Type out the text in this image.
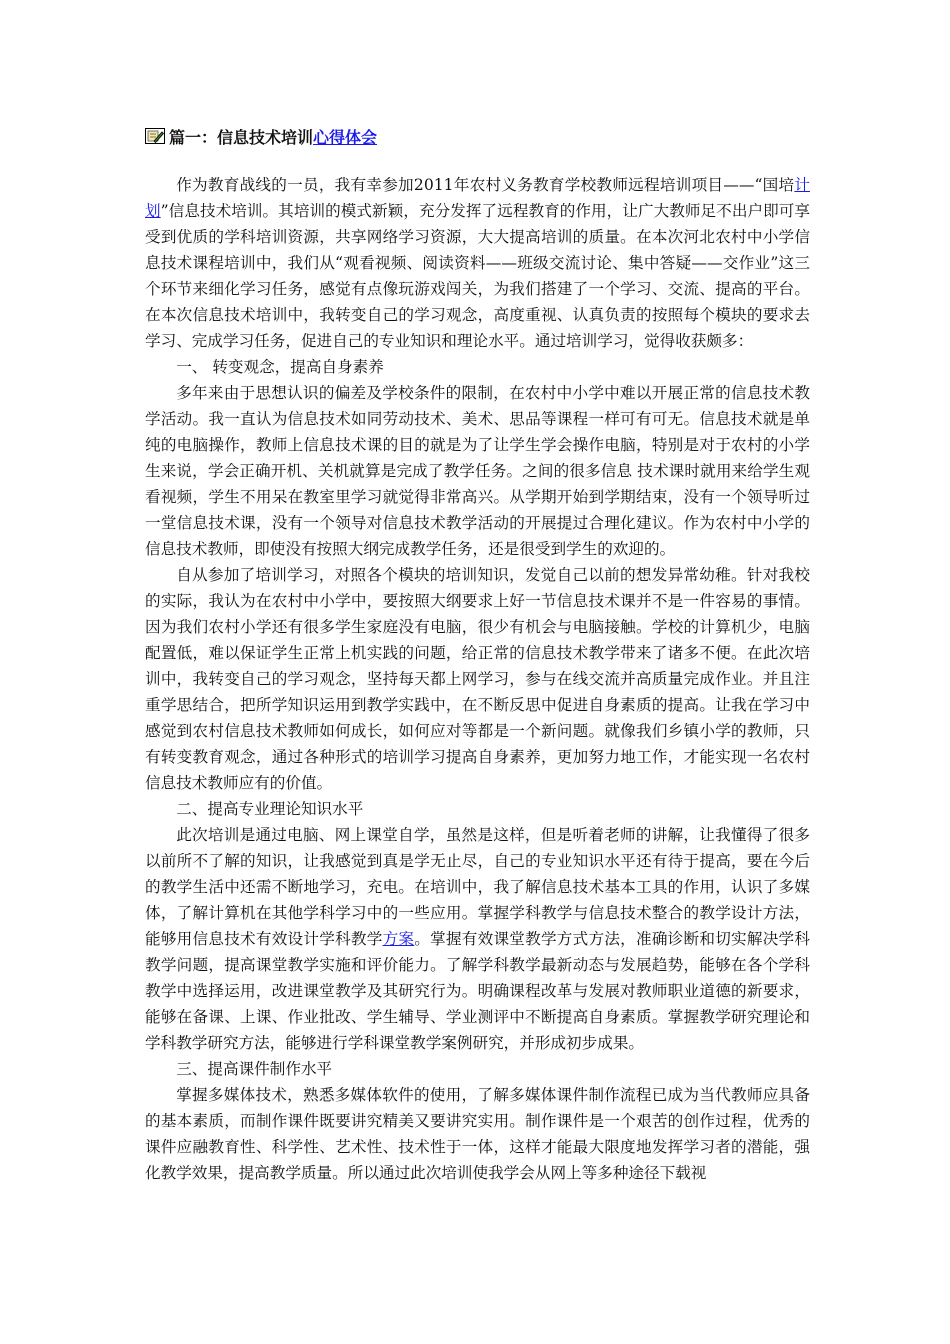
篇一：信息技术培训 心得体会

作为教育战线的一员，我有幸参加2011年农村义务教育学校教师远程培训项目——“国培计划”信息技术培训。其培训的模式新颖，充分发挥了远程教育的作用，让广大教师足不出户即可享受到优质的学科培训资源，共享网络学习资源，大大提高培训的质量。在本次河北农村中小学信息技术课程培训中，我们从“观看视频、阅读资料——班级交流讨论、集中答疑——交作业”这三个环节来细化学习任务，感觉有点像玩游戏闯关，为我们搭建了一个学习、交流、提高的平台。在本次信息技术培训中，我转变自己的学习观念，高度重视、认真负责的按照每个模块的要求去学习、完成学习任务，促进自己的专业知识和理论水平。通过培训学习，觉得收获颇多：

一、 转变观念，提高自身素养

多年来由于思想认识的偏差及学校条件的限制，在农村中小学中难以开展正常的信息技术教学活动。我一直认为信息技术如同劳动技术、美术、思品等课程一样可有可无。信息技术就是单纯的电脑操作，教师上信息技术课的目的就是为了让学生学会操作电脑，特别是对于农村的小学生来说，学会正确开机、关机就算是完成了教学任务。之间的很多信息 技术课时就用来给学生观看视频，学生不用呆在教室里学习就觉得非常高兴。从学期开始到学期结束，没有一个领导听过一堂信息技术课，没有一个领导对信息技术教学活动的开展提过合理化建议。作为农村中小学的信息技术教师，即使没有按照大纲完成教学任务，还是很受到学生的欢迎的。

自从参加了培训学习，对照各个模块的培训知识，发觉自己以前的想发异常幼稚。针对我校的实际，我认为在农村中小学中，要按照大纲要求上好一节信息技术课并不是一件容易的事情。因为我们农村小学还有很多学生家庭没有电脑，很少有机会与电脑接触。学校的计算机少，电脑配置低，难以保证学生正常上机实践的问题，给正常的信息技术教学带来了诸多不便。在此次培训中，我转变自己的学习观念，坚持每天都上网学习，参与在线交流并高质量完成作业。并且注重学思结合，把所学知识运用到教学实践中，在不断反思中促进自身素质的提高。让我在学习中感觉到农村信息技术教师如何成长，如何应对等都是一个新问题。就像我们乡镇小学的教师，只有转变教育观念，通过各种形式的培训学习提高自身素养，更加努力地工作，才能实现一名农村信息技术教师应有的价值。

二、提高专业理论知识水平

此次培训是通过电脑、网上课堂自学，虽然是这样，但是听着老师的讲解，让我懂得了很多以前所不了解的知识，让我感觉到真是学无止尽，自己的专业知识水平还有待于提高，要在今后的教学生活中还需不断地学习，充电。在培训中，我了解信息技术基本工具的作用，认识了多媒体，了解计算机在其他学科学习中的一些应用。掌握学科教学与信息技术整合的教学设计方法，能够用信息技术有效设计学科教学方案。掌握有效课堂教学方式方法，准确诊断和切实解决学科教学问题，提高课堂教学实施和评价能力。了解学科教学最新动态与发展趋势，能够在各个学科教学中选择运用，改进课堂教学及其研究行为。明确课程改革与发展对教师职业道德的新要求，能够在备课、上课、作业批改、学生辅导、学业测评中不断提高自身素质。掌握教学研究理论和学科教学研究方法，能够进行学科课堂教学案例研究，并形成初步成果。

三、提高课件制作水平

掌握多媒体技术，熟悉多媒体软件的使用，了解多媒体课件制作流程已成为当代教师应具备的基本素质，而制作课件既要讲究精美又要讲究实用。制作课件是一个艰苦的创作过程，优秀的课件应融教育性、科学性、艺术性、技术性于一体，这样才能最大限度地发挥学习者的潜能，强化教学效果，提高教学质量。所以通过此次培训使我学会从网上等多种途径下载视
